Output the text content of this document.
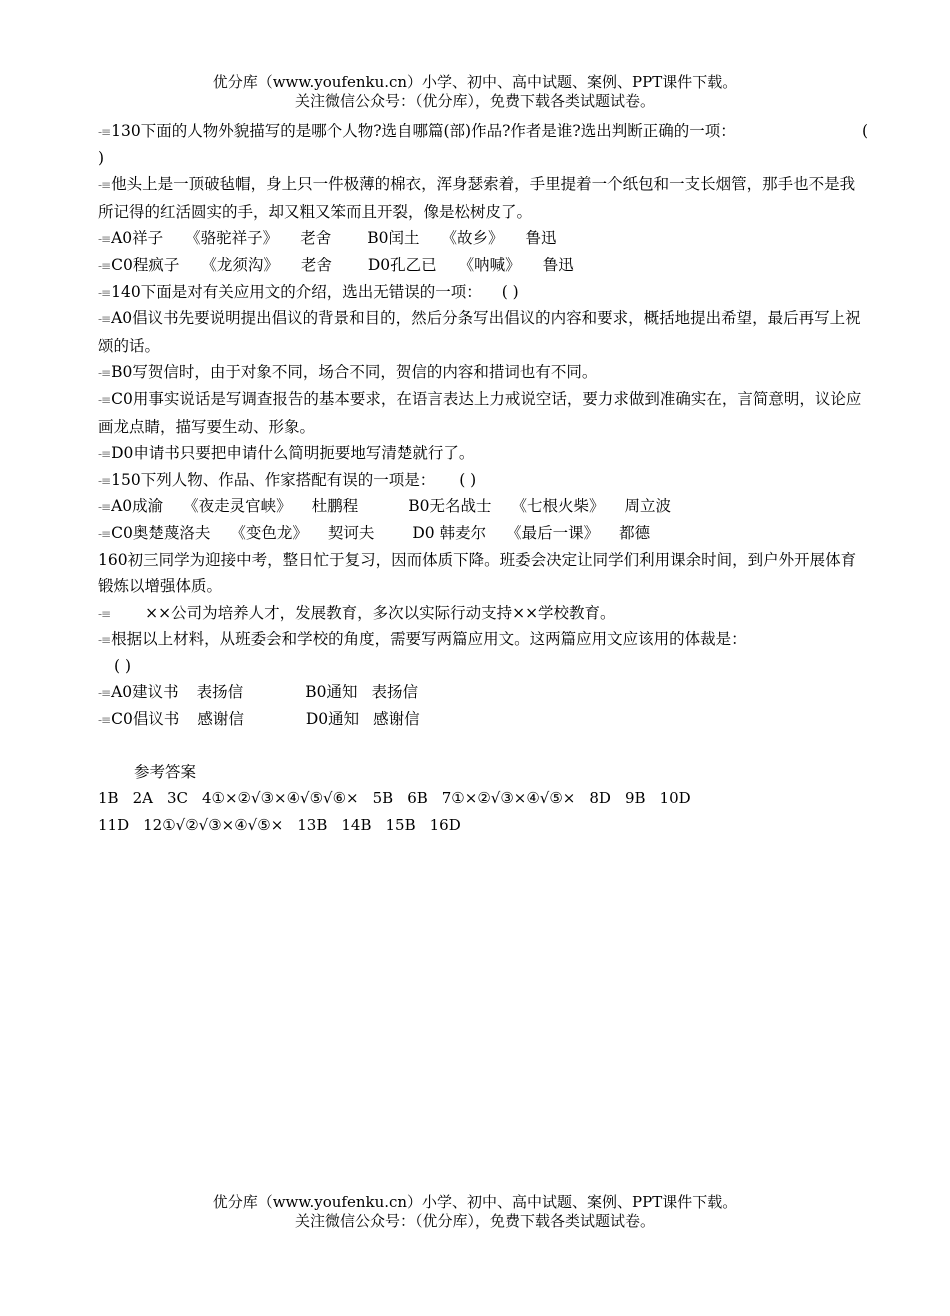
优分库（www.youfenku.cn）小学、初中、高中试题、案例、PPT课件下载。
关注微信公众号：（优分库），免费下载各类试题试卷。
-≡130下面的人物外貌描写的是哪个人物?选自哪篇(部)作品?作者是谁?选出判断正确的一项：	(
)
-≡他头上是一顶破毡帽，身上只一件极薄的棉衣，浑身瑟索着，手里提着一个纸包和一支长烟管，那手也不是我所记得的红活圆实的手，却又粗又笨而且开裂，像是松树皮了。
-≡A0祥子 《骆驼祥子》 老舍 B0闰土 《故乡》 鲁迅
-≡C0程疯子 《龙须沟》 老舍 D0孔乙已 《呐喊》 鲁迅
-≡140下面是对有关应用文的介绍，选出无错误的一项： ( )
-≡A0倡议书先要说明提出倡议的背景和目的，然后分条写出倡议的内容和要求，概括地提出希望，最后再写上祝颂的话。
-≡B0写贺信时，由于对象不同，场合不同，贺信的内容和措词也有不同。
-≡C0用事实说话是写调查报告的基本要求，在语言表达上力戒说空话，要力求做到准确实在，言简意明，议论应画龙点睛，描写要生动、形象。
-≡D0申请书只要把申请什么简明扼要地写清楚就行了。
-≡150下列人物、作品、作家搭配有误的一项是： ( )
-≡A0成渝 《夜走灵官峡》 杜鹏程	B0无名战士 《七根火柴》 周立波
-≡C0奥楚蔑洛夫 《变色龙》 契诃夫 D0 韩麦尔 《最后一课》 都德
160初三同学为迎接中考，整日忙于复习，因而体质下降。班委会决定让同学们利用课余时间，到户外开展体育锻炼以增强体质。
-≡ ××公司为培养人才，发展教育，多次以实际行动支持××学校教育。
-≡根据以上材料，从班委会和学校的角度，需要写两篇应用文。这两篇应用文应该用的体裁是：
( )
-≡A0建议书 表扬信	B0通知 表扬信
-≡C0倡议书 感谢信	D0通知 感谢信
参考答案
1B 2A 3C 4①×②√③×④√⑤√⑥× 5B 6B 7①×②√③×④√⑤× 8D 9B 10D
11D 12①√②√③×④√⑤× 13B 14B 15B 16D
优分库（www.youfenku.cn）小学、初中、高中试题、案例、PPT课件下载。
关注微信公众号：（优分库），免费下载各类试题试卷。
